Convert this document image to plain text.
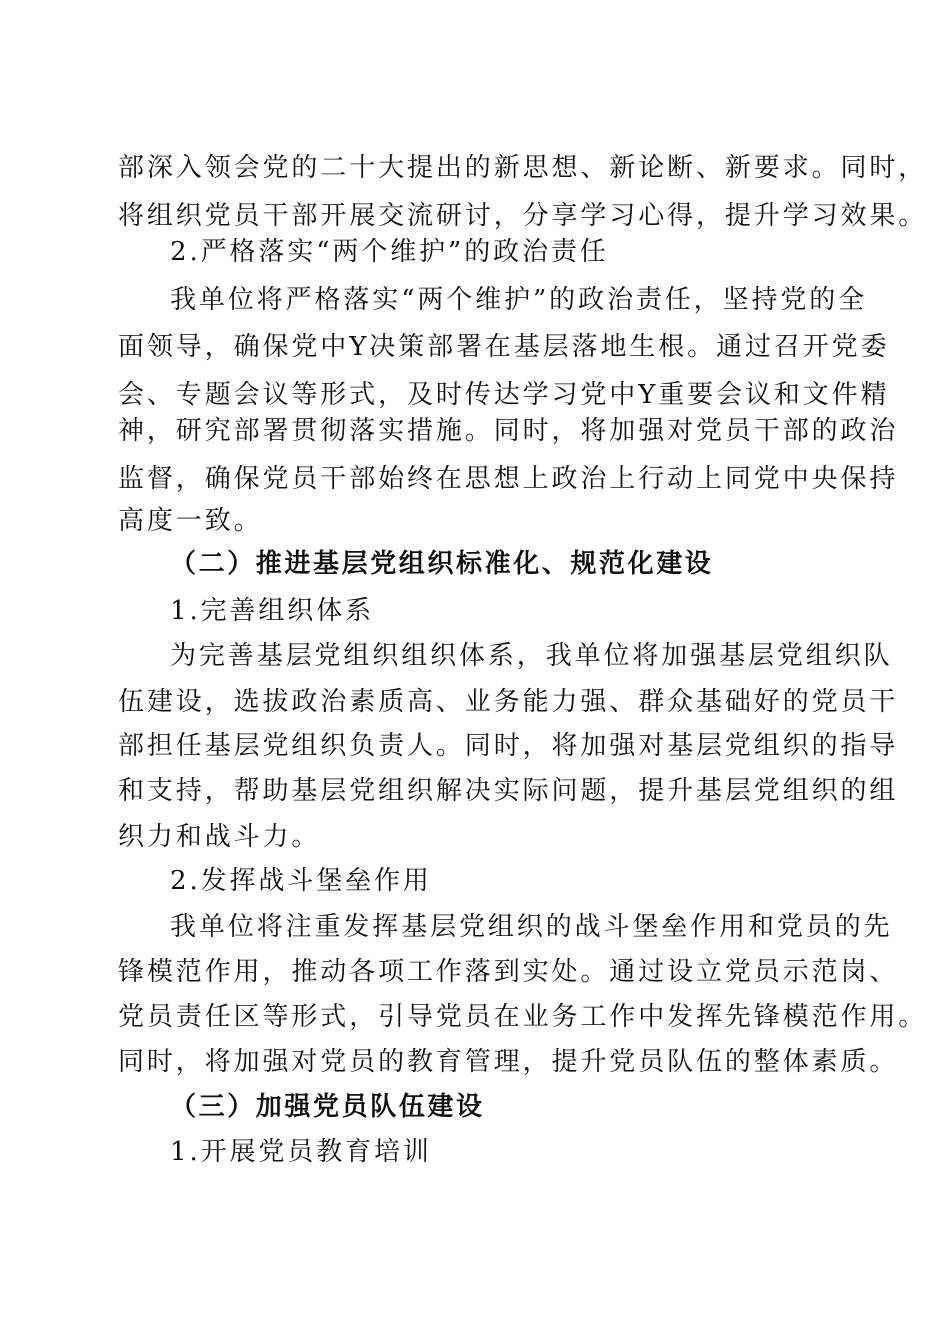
部深入领会党的二十大提出的新思想、新论断、新要求。同时，
将组织党员干部开展交流研讨，分享学习心得，提升学习效果。
2.严格落实“两个维护”的政治责任
我单位将严格落实“两个维护”的政治责任，坚持党的全
面领导，确保党中Y决策部署在基层落地生根。通过召开党委
会、专题会议等形式，及时传达学习党中Y重要会议和文件精
神，研究部署贯彻落实措施。同时，将加强对党员干部的政治
监督，确保党员干部始终在思想上政治上行动上同党中央保持
高度一致。
（二）推进基层党组织标准化、规范化建设
1.完善组织体系
为完善基层党组织组织体系，我单位将加强基层党组织队
伍建设，选拔政治素质高、业务能力强、群众基础好的党员干
部担任基层党组织负责人。同时，将加强对基层党组织的指导
和支持，帮助基层党组织解决实际问题，提升基层党组织的组
织力和战斗力。
2.发挥战斗堡垒作用
我单位将注重发挥基层党组织的战斗堡垒作用和党员的先
锋模范作用，推动各项工作落到实处。通过设立党员示范岗、
党员责任区等形式，引导党员在业务工作中发挥先锋模范作用。
同时，将加强对党员的教育管理，提升党员队伍的整体素质。
（三）加强党员队伍建设
1.开展党员教育培训
